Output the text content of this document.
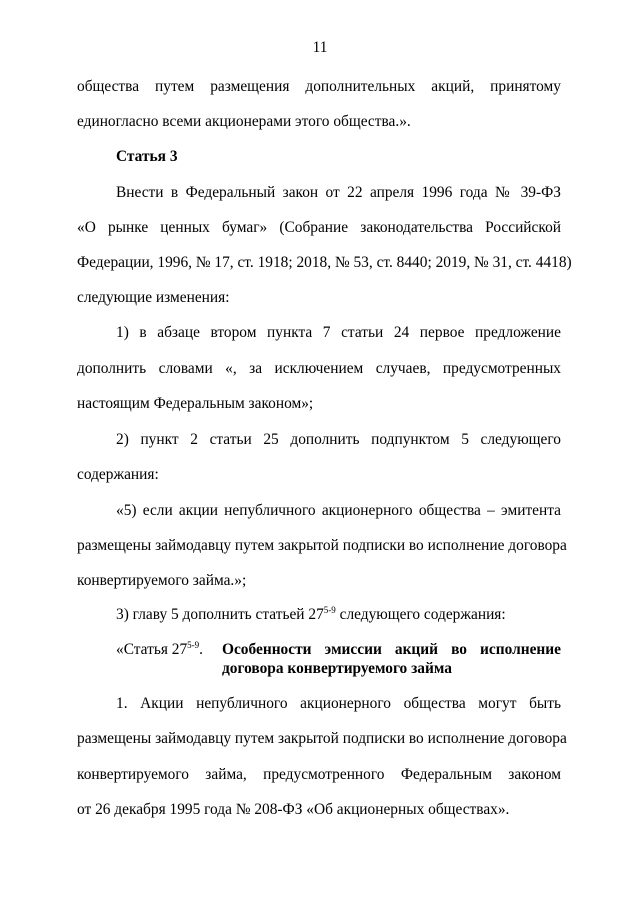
11
общества путем размещения дополнительных акций, принятому
единогласно всеми акционерами этого общества.».
Статья 3
Внести в Федеральный закон от 22 апреля 1996 года № 39-ФЗ
«О рынке ценных бумаг» (Собрание законодательства Российской
Федерации, 1996, № 17, ст. 1918; 2018, № 53, ст. 8440; 2019, № 31, ст. 4418)
следующие изменения:
1) в абзаце втором пункта 7 статьи 24 первое предложение
дополнить словами «, за исключением случаев, предусмотренных
настоящим Федеральным законом»;
2) пункт 2 статьи 25 дополнить подпунктом 5 следующего
содержания:
«5) если акции непубличного акционерного общества – эмитента
размещены займодавцу путем закрытой подписки во исполнение договора
конвертируемого займа.»;
3) главу 5 дополнить статьей 27$^{5-9}$ следующего содержания:
«Статья 27$^{5-9}$. Особенности эмиссии акций во исполнение
договора конвертируемого займа
1. Акции непубличного акционерного общества могут быть
размещены займодавцу путем закрытой подписки во исполнение договора
конвертируемого займа, предусмотренного Федеральным законом
от 26 декабря 1995 года № 208-ФЗ «Об акционерных обществах».
